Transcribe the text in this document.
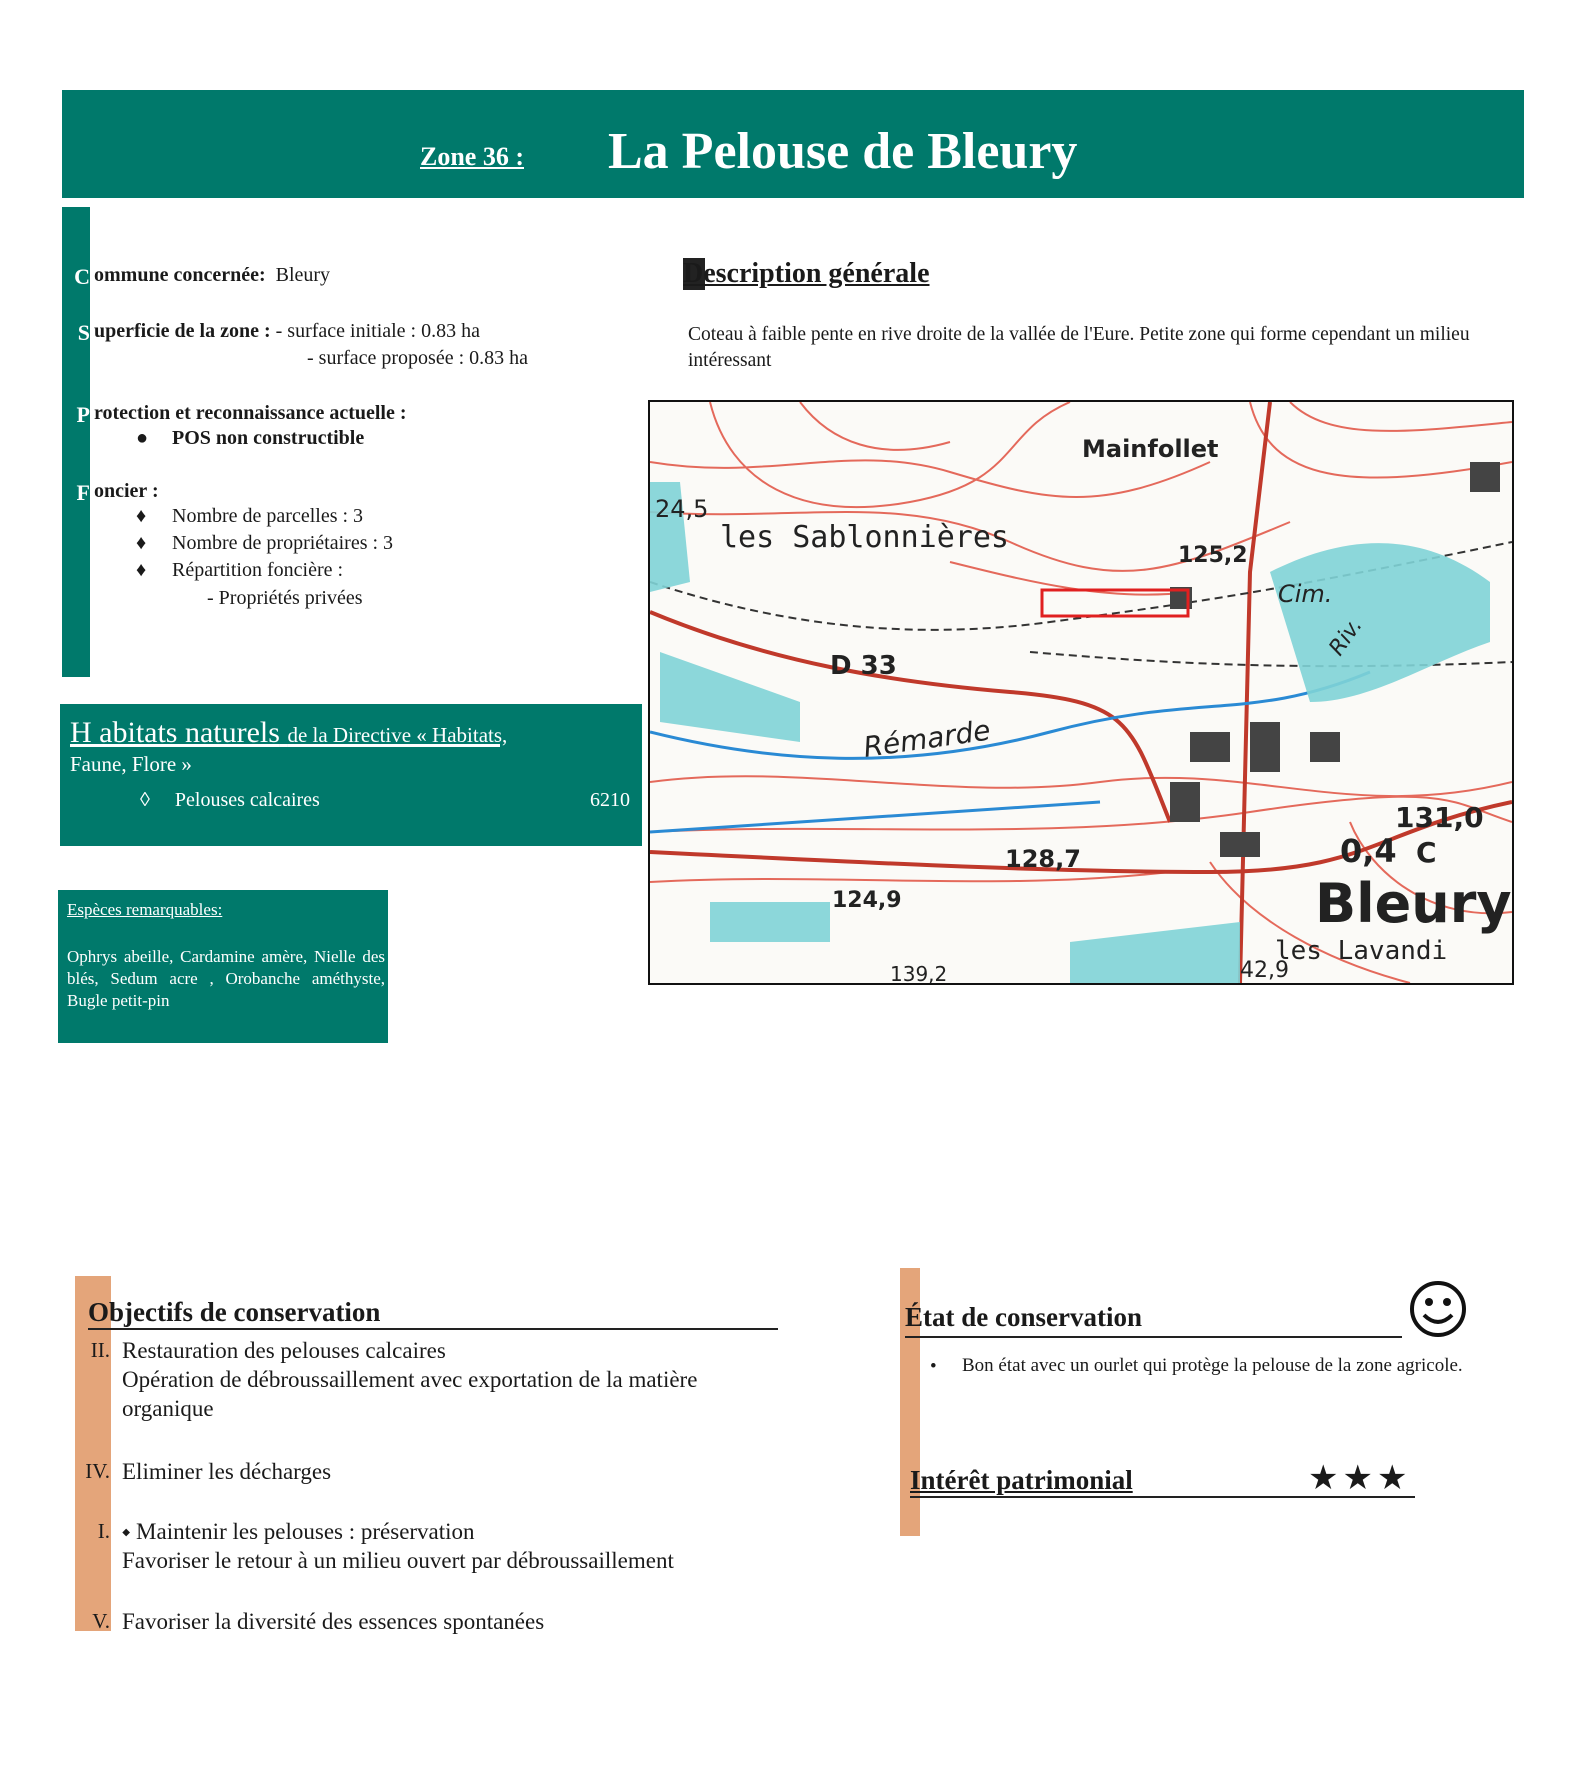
Zone 36 : La Pelouse de Bleury
C ommune concernée: Bleury
S uperficie de la zone : - surface initiale : 0.83 ha
- surface proposée : 0.83 ha
P rotection et reconnaissance actuelle :
● POS non constructible
F oncier :
♦ Nombre de parcelles : 3
♦ Nombre de propriétaires : 3
♦ Répartition foncière :
- Propriétés privées
Description générale
Coteau à faible pente en rive droite de la vallée de l'Eure. Petite zone qui forme cependant un milieu intéressant
Mainfollet
les Sablonnières
125,2
24,5
Cim.
Riv.
D 33
Rémarde
131,0
0,4 C
128,7
124,9	Bleury
les Lavandi
139,2	42,9
H abitats naturels de la Directive « Habitats,
Faune, Flore »
◊ Pelouses calcaires	6210
Espèces remarquables:
Ophrys abeille, Cardamine amère, Nielle des blés, Sedum acre , Orobanche améthyste, Bugle petit-pin
Objectifs de conservation
II. Restauration des pelouses calcaires
Opération de débroussaillement avec exportation de la matière organique
IV. Eliminer les décharges
I. ⬩ Maintenir les pelouses : préservation
Favoriser le retour à un milieu ouvert par débroussaillement
V. Favoriser la diversité des essences spontanées
État de conservation
• Bon état avec un ourlet qui protège la pelouse de la zone agricole.
Intérêt patrimonial	★★★
